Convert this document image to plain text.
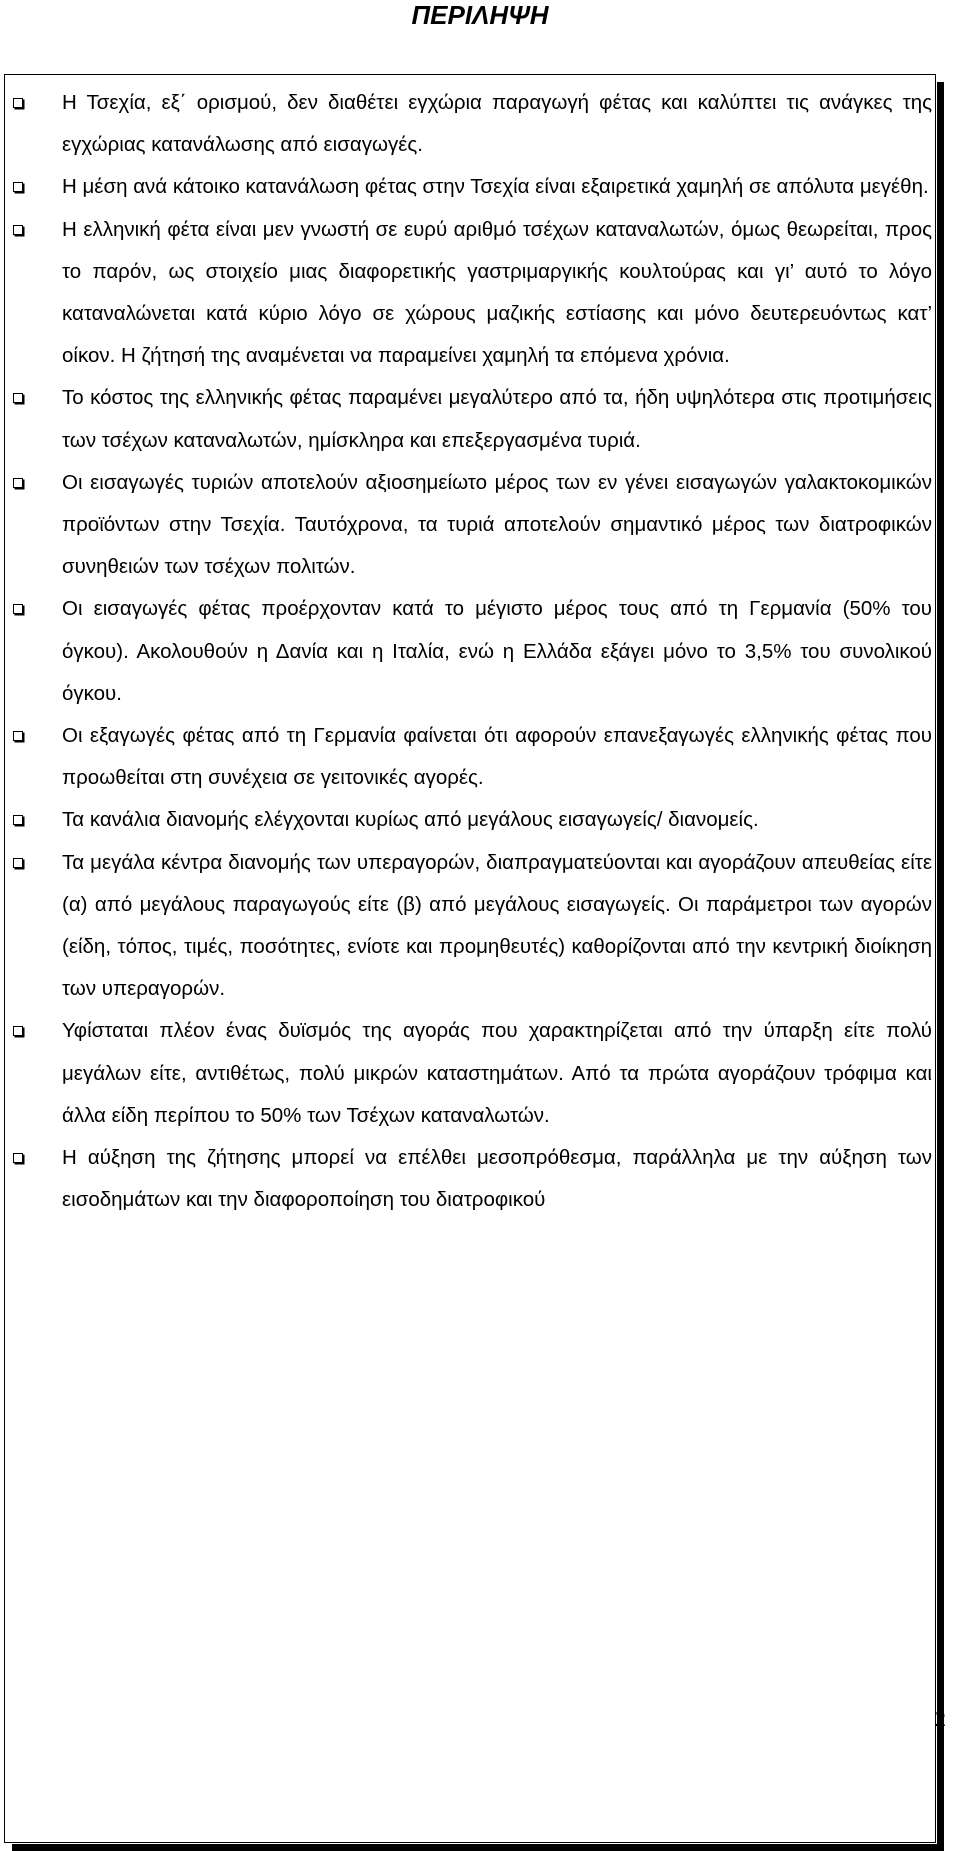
ΠΕΡΙΛΗΨΗ
Η Τσεχία, εξ΄ ορισμού, δεν διαθέτει εγχώρια παραγωγή φέτας και καλύπτει τις ανάγκες της εγχώριας κατανάλωσης από εισαγωγές.
Η μέση ανά κάτοικο κατανάλωση φέτας στην Τσεχία είναι εξαιρετικά χαμηλή σε απόλυτα μεγέθη.
Η ελληνική φέτα είναι μεν γνωστή σε ευρύ αριθμό τσέχων καταναλωτών, όμως θεωρείται, προς το παρόν, ως στοιχείο μιας διαφορετικής γαστριμαργικής κουλτούρας και γι’ αυτό το λόγο καταναλώνεται κατά κύριο λόγο σε χώρους μαζικής εστίασης και μόνο δευτερευόντως κατ’ οίκον. Η ζήτησή της αναμένεται να παραμείνει χαμηλή τα επόμενα χρόνια.
Το κόστος της ελληνικής φέτας παραμένει μεγαλύτερο από τα, ήδη υψηλότερα στις προτιμήσεις των τσέχων καταναλωτών, ημίσκληρα και επεξεργασμένα τυριά.
Οι εισαγωγές τυριών αποτελούν αξιοσημείωτο μέρος των εν γένει εισαγωγών γαλακτοκομικών προϊόντων στην Τσεχία. Ταυτόχρονα, τα τυριά αποτελούν σημαντικό μέρος των διατροφικών συνηθειών των τσέχων πολιτών.
Οι εισαγωγές φέτας προέρχονταν κατά το μέγιστο μέρος τους από τη Γερμανία (50% του όγκου). Ακολουθούν η Δανία και η Ιταλία, ενώ η Ελλάδα εξάγει μόνο το 3,5% του συνολικού όγκου.
Οι εξαγωγές φέτας από τη Γερμανία φαίνεται ότι αφορούν επανεξαγωγές ελληνικής φέτας που προωθείται στη συνέχεια σε γειτονικές αγορές.
Τα κανάλια διανομής ελέγχονται κυρίως από μεγάλους εισαγωγείς/ διανομείς.
Τα μεγάλα κέντρα διανομής των υπεραγορών, διαπραγματεύονται και αγοράζουν απευθείας είτε (α) από μεγάλους παραγωγούς είτε (β) από μεγάλους εισαγωγείς. Οι παράμετροι των αγορών (είδη, τόπος, τιμές, ποσότητες, ενίοτε και προμηθευτές) καθορίζονται από την κεντρική διοίκηση των υπεραγορών.
Υφίσταται πλέον ένας δυϊσμός της αγοράς που χαρακτηρίζεται από την ύπαρξη είτε πολύ μεγάλων είτε, αντιθέτως, πολύ μικρών καταστημάτων. Από τα πρώτα αγοράζουν τρόφιμα και άλλα είδη περίπου το 50% των Τσέχων καταναλωτών.
Η αύξηση της ζήτησης μπορεί να επέλθει μεσοπρόθεσμα, παράλληλα με την αύξηση των εισοδημάτων και την διαφοροποίηση του διατροφικού
2
